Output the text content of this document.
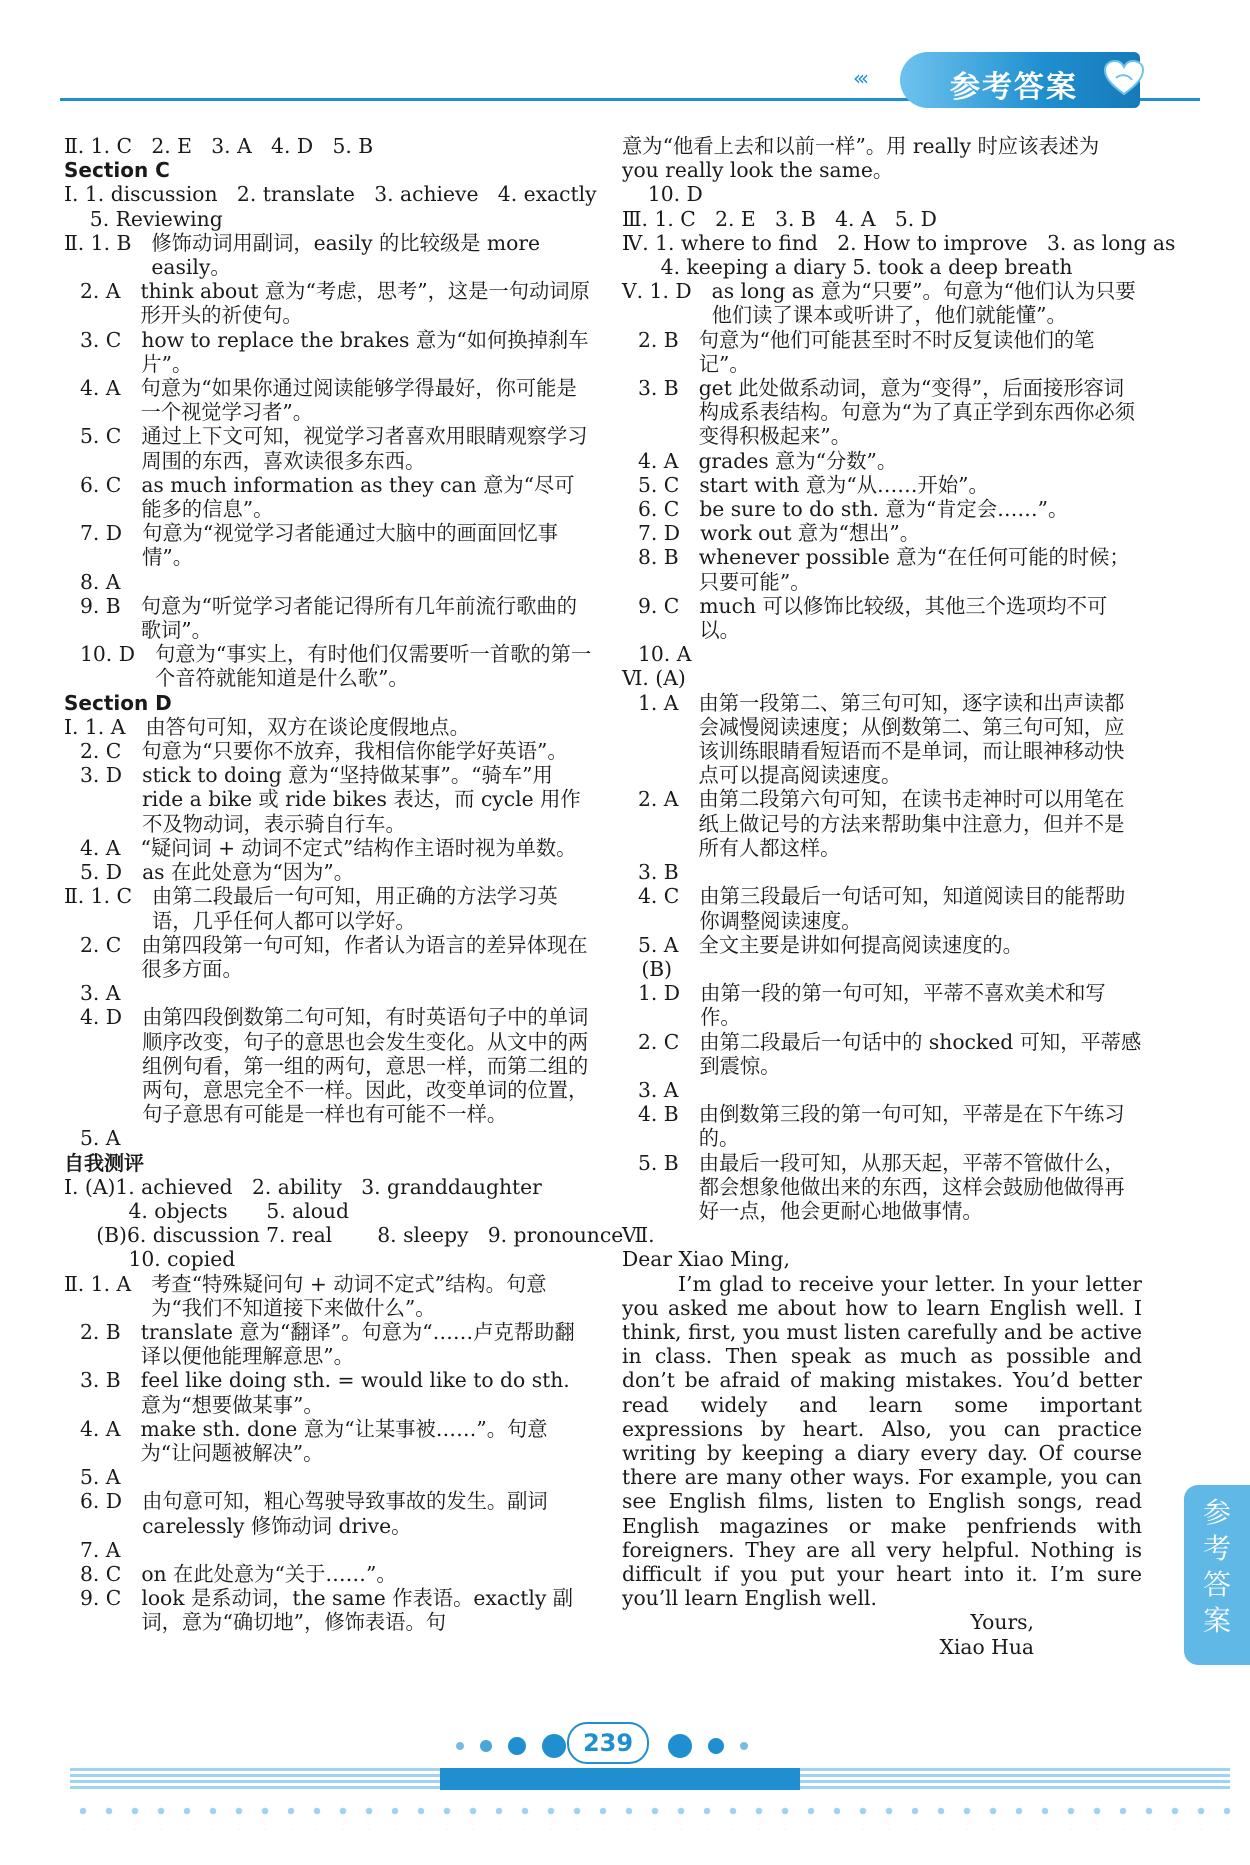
‹‹‹	参考答案

Ⅱ. 1. C   2. E   3. A   4. D   5. B

Section C

Ⅰ. 1. discussion   2. translate   3. achieve   4. exactly

5. Reviewing

Ⅱ. 1. B 修饰动词用副词，easily 的比较级是 more easily。
2. A think about 意为“考虑，思考”，这是一句动词原形开头的祈使句。
3. C how to replace the brakes 意为“如何换掉刹车片”。
4. A 句意为“如果你通过阅读能够学得最好，你可能是一个视觉学习者”。
5. C 通过上下文可知，视觉学习者喜欢用眼睛观察学习周围的东西，喜欢读很多东西。
6. C as much information as they can 意为“尽可能多的信息”。
7. D 句意为“视觉学习者能通过大脑中的画面回忆事情”。
8. A
9. B 句意为“听觉学习者能记得所有几年前流行歌曲的歌词”。
10. D 句意为“事实上，有时他们仅需要听一首歌的第一个音符就能知道是什么歌”。

Section D

Ⅰ. 1. A 由答句可知，双方在谈论度假地点。
2. C 句意为“只要你不放弃，我相信你能学好英语”。
3. D stick to doing 意为“坚持做某事”。“骑车”用 ride a bike 或 ride bikes 表达，而 cycle 用作不及物动词，表示骑自行车。
4. A “疑问词 + 动词不定式”结构作主语时视为单数。
5. D as 在此处意为“因为”。
Ⅱ. 1. C 由第二段最后一句可知，用正确的方法学习英语，几乎任何人都可以学好。
2. C 由第四段第一句可知，作者认为语言的差异体现在很多方面。
3. A
4. D 由第四段倒数第二句可知，有时英语句子中的单词顺序改变，句子的意思也会发生变化。从文中的两组例句看，第一组的两句，意思一样，而第二组的两句，意思完全不一样。因此，改变单词的位置，句子意思有可能是一样也有可能不一样。
5. A

自我测评

Ⅰ. (A)1. achieved   2. ability   3. granddaughter

4. objects      5. aloud

(B)6. discussion 7. real       8. sleepy   9. pronounce

10. copied

Ⅱ. 1. A 考查“特殊疑问句 + 动词不定式”结构。句意为“我们不知道接下来做什么”。
2. B translate 意为“翻译”。句意为“……卢克帮助翻译以便他能理解意思”。
3. B feel like doing sth. = would like to do sth. 意为“想要做某事”。
4. A make sth. done 意为“让某事被……”。句意为“让问题被解决”。
5. A
6. D 由句意可知，粗心驾驶导致事故的发生。副词 carelessly 修饰动词 drive。
7. A
8. C on 在此处意为“关于……”。
9. C look 是系动词，the same 作表语。exactly 副词，意为“确切地”，修饰表语。句

意为“他看上去和以前一样”。用 really 时应该表述为 you really look the same。

10. D

Ⅲ. 1. C   2. E   3. B   4. A   5. D

Ⅳ. 1. where to find   2. How to improve   3. as long as

4. keeping a diary 5. took a deep breath

Ⅴ. 1. D as long as 意为“只要”。句意为“他们认为只要他们读了课本或听讲了，他们就能懂”。
2. B 句意为“他们可能甚至时不时反复读他们的笔记”。
3. B get 此处做系动词，意为“变得”，后面接形容词构成系表结构。句意为“为了真正学到东西你必须变得积极起来”。
4. A grades 意为“分数”。
5. C start with 意为“从……开始”。
6. C be sure to do sth. 意为“肯定会……”。
7. D work out 意为“想出”。
8. B whenever possible 意为“在任何可能的时候；只要可能”。
9. C much 可以修饰比较级，其他三个选项均不可以。
10. A

Ⅵ. (A)

1. A 由第一段第二、第三句可知，逐字读和出声读都会减慢阅读速度；从倒数第二、第三句可知，应该训练眼睛看短语而不是单词，而让眼神移动快点可以提高阅读速度。
2. A 由第二段第六句可知，在读书走神时可以用笔在纸上做记号的方法来帮助集中注意力，但并不是所有人都这样。
3. B
4. C 由第三段最后一句话可知，知道阅读目的能帮助你调整阅读速度。
5. A 全文主要是讲如何提高阅读速度的。

(B)

1. D 由第一段的第一句可知，平蒂不喜欢美术和写作。
2. C 由第二段最后一句话中的 shocked 可知，平蒂感到震惊。
3. A
4. B 由倒数第三段的第一句可知，平蒂是在下午练习的。
5. B 由最后一段可知，从那天起，平蒂不管做什么，都会想象他做出来的东西，这样会鼓励他做得再好一点，他会更耐心地做事情。

Ⅶ.

Dear Xiao Ming,

I’m glad to receive your letter. In your letter you asked me about how to learn English well. I think, first, you must listen carefully and be active in class. Then speak as much as possible and don’t be afraid of making mistakes. You’d better read widely and learn some important expressions by heart. Also, you can practice writing by keeping a diary every day. Of course there are many other ways. For example, you can see English films, listen to English songs, read English magazines or make penfriends with foreigners. They are all very helpful. Nothing is difficult if you put your heart into it. I’m sure you’ll learn English well.

Yours,

Xiao Hua

参
考
答
案
239
